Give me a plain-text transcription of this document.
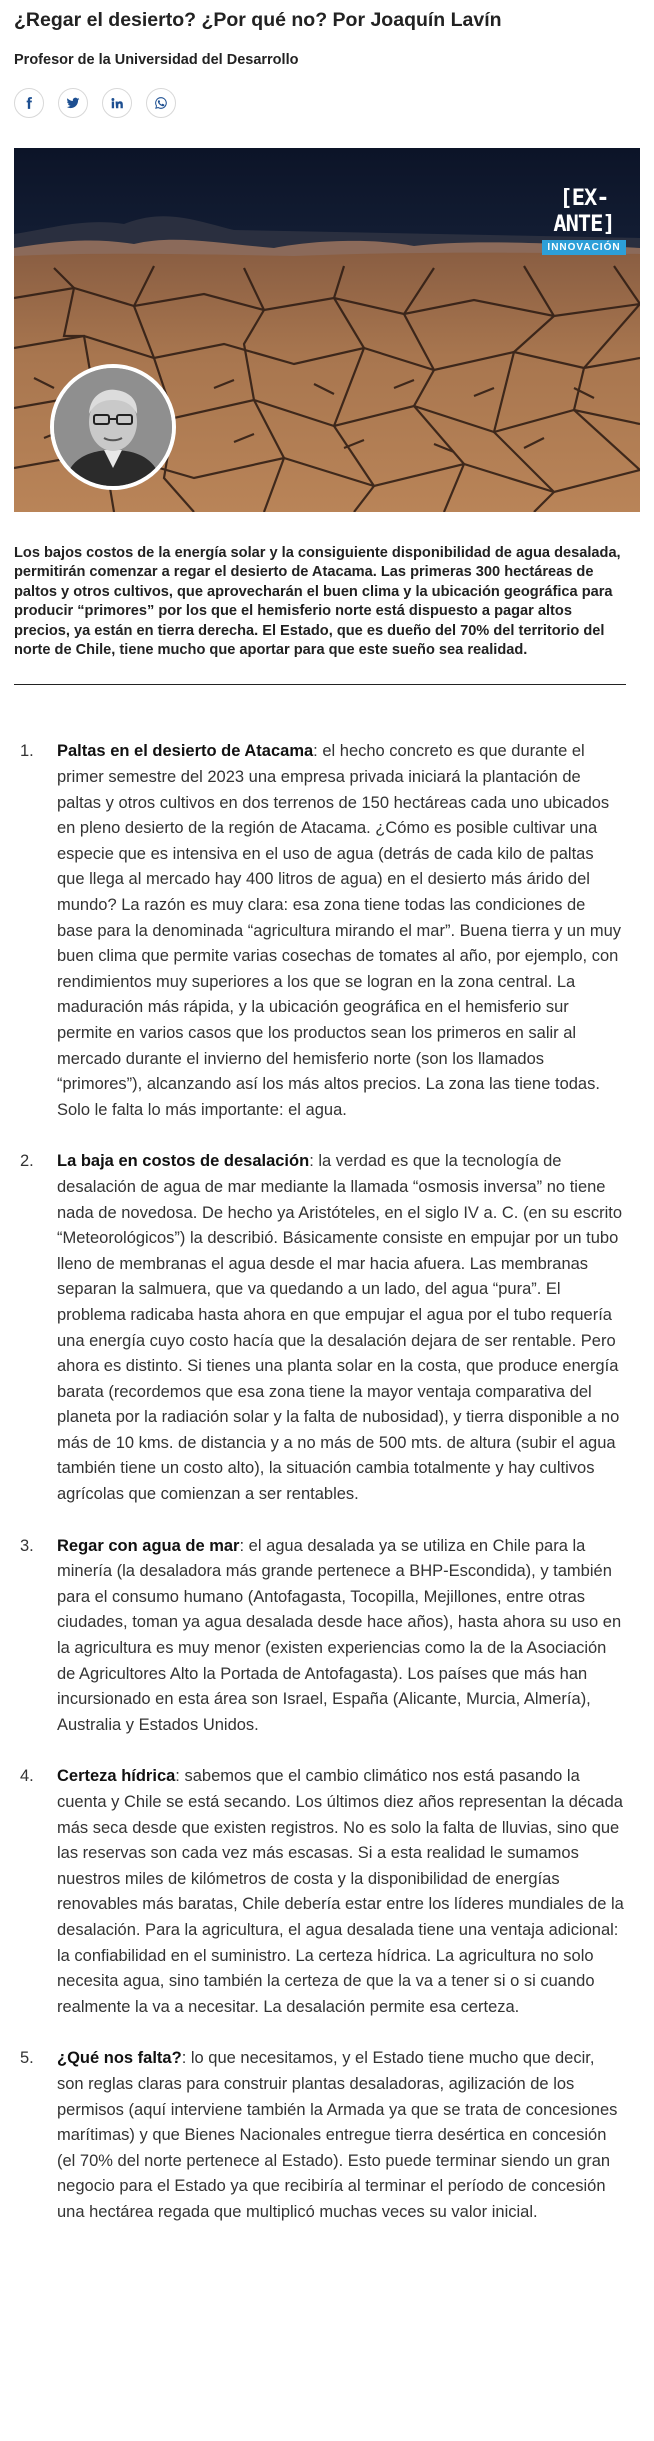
¿Regar el desierto? ¿Por qué no? Por Joaquín Lavín
Profesor de la Universidad del Desarrollo
[EX-ANTE]
INNOVACIÓN

Los bajos costos de la energía solar y la consiguiente disponibilidad de agua desalada, permitirán comenzar a regar el desierto de Atacama. Las primeras 300 hectáreas de paltos y otros cultivos, que aprovecharán el buen clima y la ubicación geográfica para producir “primores” por los que el hemisferio norte está dispuesto a pagar altos precios, ya están en tierra derecha. El Estado, que es dueño del 70% del territorio del norte de Chile, tiene mucho que aportar para que este sueño sea realidad.

1.	Paltas en el desierto de Atacama: el hecho concreto es que durante el primer semestre del 2023 una empresa privada iniciará la plantación de paltas y otros cultivos en dos terrenos de 150 hectáreas cada uno ubicados en pleno desierto de la región de Atacama. ¿Cómo es posible cultivar una especie que es intensiva en el uso de agua (detrás de cada kilo de paltas que llega al mercado hay 400 litros de agua) en el desierto más árido del mundo? La razón es muy clara: esa zona tiene todas las condiciones de base para la denominada “agricultura mirando el mar”. Buena tierra y un muy buen clima que permite varias cosechas de tomates al año, por ejemplo, con rendimientos muy superiores a los que se logran en la zona central. La maduración más rápida, y la ubicación geográfica en el hemisferio sur permite en varios casos que los productos sean los primeros en salir al mercado durante el invierno del hemisferio norte (son los llamados “primores”), alcanzando así los más altos precios. La zona las tiene todas. Solo le falta lo más importante: el agua.
2.	La baja en costos de desalación: la verdad es que la tecnología de desalación de agua de mar mediante la llamada “osmosis inversa” no tiene nada de novedosa. De hecho ya Aristóteles, en el siglo IV a. C. (en su escrito “Meteorológicos”) la describió. Básicamente consiste en empujar por un tubo lleno de membranas el agua desde el mar hacia afuera. Las membranas separan la salmuera, que va quedando a un lado, del agua “pura”. El problema radicaba hasta ahora en que empujar el agua por el tubo requería una energía cuyo costo hacía que la desalación dejara de ser rentable. Pero ahora es distinto. Si tienes una planta solar en la costa, que produce energía barata (recordemos que esa zona tiene la mayor ventaja comparativa del planeta por la radiación solar y la falta de nubosidad), y tierra disponible a no más de 10 kms. de distancia y a no más de 500 mts. de altura (subir el agua también tiene un costo alto), la situación cambia totalmente y hay cultivos agrícolas que comienzan a ser rentables.
3.	Regar con agua de mar: el agua desalada ya se utiliza en Chile para la minería (la desaladora más grande pertenece a BHP-Escondida), y también para el consumo humano (Antofagasta, Tocopilla, Mejillones, entre otras ciudades, toman ya agua desalada desde hace años), hasta ahora su uso en la agricultura es muy menor (existen experiencias como la de la Asociación de Agricultores Alto la Portada de Antofagasta). Los países que más han incursionado en esta área son Israel, España (Alicante, Murcia, Almería), Australia y Estados Unidos.
4.	Certeza hídrica: sabemos que el cambio climático nos está pasando la cuenta y Chile se está secando. Los últimos diez años representan la década más seca desde que existen registros. No es solo la falta de lluvias, sino que las reservas son cada vez más escasas. Si a esta realidad le sumamos nuestros miles de kilómetros de costa y la disponibilidad de energías renovables más baratas, Chile debería estar entre los líderes mundiales de la desalación. Para la agricultura, el agua desalada tiene una ventaja adicional: la confiabilidad en el suministro. La certeza hídrica. La agricultura no solo necesita agua, sino también la certeza de que la va a tener si o si cuando realmente la va a necesitar. La desalación permite esa certeza.
5.	¿Qué nos falta?: lo que necesitamos, y el Estado tiene mucho que decir, son reglas claras para construir plantas desaladoras, agilización de los permisos (aquí interviene también la Armada ya que se trata de concesiones marítimas) y que Bienes Nacionales entregue tierra desértica en concesión (el 70% del norte pertenece al Estado). Esto puede terminar siendo un gran negocio para el Estado ya que recibiría al terminar el período de concesión una hectárea regada que multiplicó muchas veces su valor inicial.
